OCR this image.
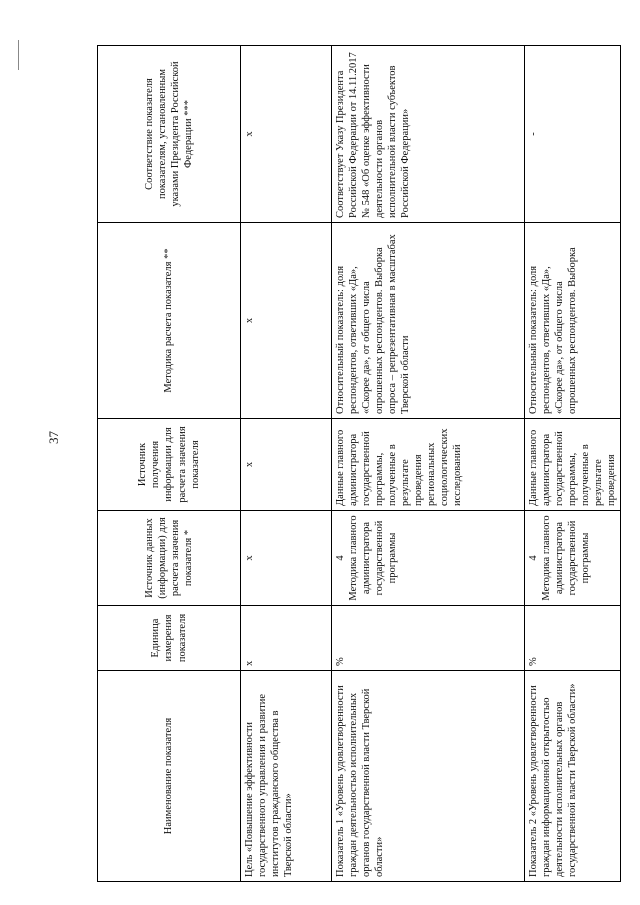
37
Наименование показателя	Единица измерения показателя	Источник данных (информации) для расчета значения показателя *	Источник получения информации для расчета значения показателя	Методика расчета показателя **	Соответствие показателя показателям, установленным указами Президента Российской Федерации ***
Цель «Повышение эффективности государственного управления и развитие институтов гражданского общества в Тверской области»	х	х	х	х	х
Показатель 1 «Уровень удовлетворенности граждан деятельностью исполнительных органов государственной власти Тверской области»	%	4 Методика главного администратора государственной программы	Данные главного администратора государственной программы, полученные в результате проведения региональных социологических исследований	Относительный показатель: доля респондентов, ответивших «Да», «Скорее да», от общего числа опрошенных респондентов. Выборка опроса – репрезентативная в масштабах Тверской области	Соответствует Указу Президента Российской Федерации от 14.11.2017 № 548 «Об оценке эффективности деятельности органов исполнительной власти субъектов Российской Федерации»
Показатель 2 «Уровень удовлетворенности граждан информационной открытостью деятельности исполнительных органов государственной власти Тверской области»	%	4 Методика главного администратора государственной программы	Данные главного администратора государственной программы, полученные в результате проведения	Относительный показатель: доля респондентов, ответивших «Да», «Скорее да», от общего числа опрошенных респондентов. Выборка	-
